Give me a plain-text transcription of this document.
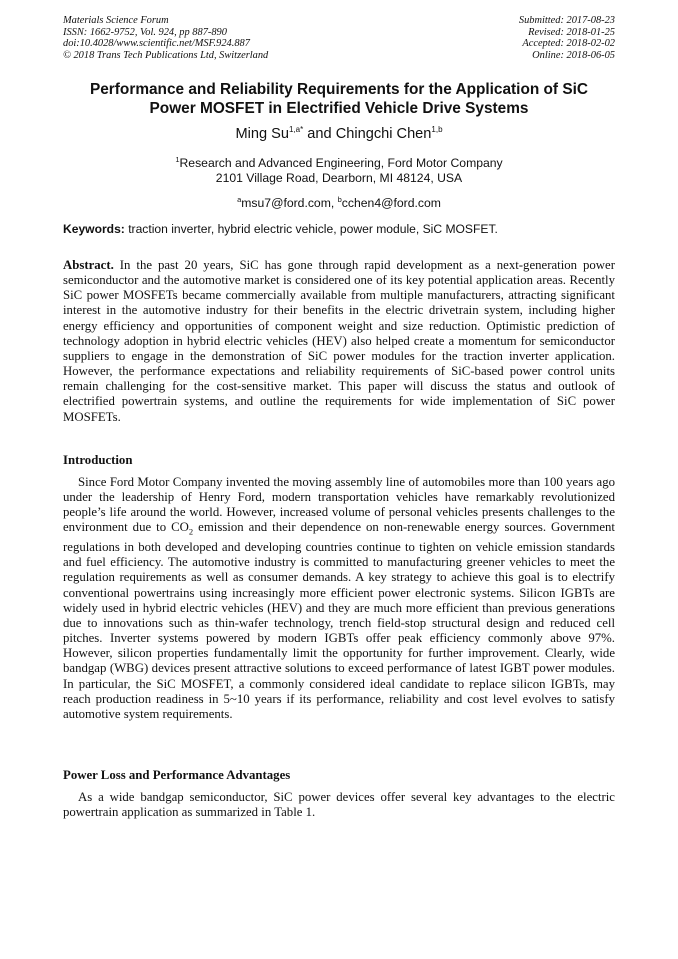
Materials Science Forum
ISSN: 1662-9752, Vol. 924, pp 887-890
doi:10.4028/www.scientific.net/MSF.924.887
© 2018 Trans Tech Publications Ltd, Switzerland
Submitted: 2017-08-23
Revised: 2018-01-25
Accepted: 2018-02-02
Online: 2018-06-05
Performance and Reliability Requirements for the Application of SiC
Power MOSFET in Electrified Vehicle Drive Systems
Ming $Su^{1,a*}$ and Chingchi Chen$^{1,b}$
$^1$Research and Advanced Engineering, Ford Motor Company
2101 Village Road, Dearborn, MI 48124, USA
$^a$msu7@ford.com, $^b$cchen4@ford.com
Keywords: traction inverter, hybrid electric vehicle, power module, SiC MOSFET.
Abstract. In the past 20 years, SiC has gone through rapid development as a next-generation power semiconductor and the automotive market is considered one of its key potential application areas. Recently SiC power MOSFETs became commercially available from multiple manufacturers, attracting significant interest in the automotive industry for their benefits in the electric drivetrain system, including higher energy efficiency and opportunities of component weight and size reduction. Optimistic prediction of technology adoption in hybrid electric vehicles (HEV) also helped create a momentum for semiconductor suppliers to engage in the demonstration of SiC power modules for the traction inverter application. However, the performance expectations and reliability requirements of SiC-based power control units remain challenging for the cost-sensitive market. This paper will discuss the status and outlook of electrified powertrain systems, and outline the requirements for wide implementation of SiC power MOSFETs.
Introduction
Since Ford Motor Company invented the moving assembly line of automobiles more than 100 years ago under the leadership of Henry Ford, modern transportation vehicles have remarkably revolutionized people’s life around the world. However, increased volume of personal vehicles presents challenges to the environment due to $CO_2$ emission and their dependence on non-renewable energy sources. Government regulations in both developed and developing countries continue to tighten on vehicle emission standards and fuel efficiency. The automotive industry is committed to manufacturing greener vehicles to meet the regulation requirements as well as consumer demands. A key strategy to achieve this goal is to electrify conventional powertrains using increasingly more efficient power electronic systems. Silicon IGBTs are widely used in hybrid electric vehicles (HEV) and they are much more efficient than previous generations due to innovations such as thin-wafer technology, trench field-stop structural design and reduced cell pitches. Inverter systems powered by modern IGBTs offer peak efficiency commonly above 97%. However, silicon properties fundamentally limit the opportunity for further improvement. Clearly, wide bandgap (WBG) devices present attractive solutions to exceed performance of latest IGBT power modules. In particular, the SiC MOSFET, a commonly considered ideal candidate to replace silicon IGBTs, may reach production readiness in 5~10 years if its performance, reliability and cost level evolves to satisfy automotive system requirements.
Power Loss and Performance Advantages
As a wide bandgap semiconductor, SiC power devices offer several key advantages to the electric powertrain application as summarized in Table 1.
